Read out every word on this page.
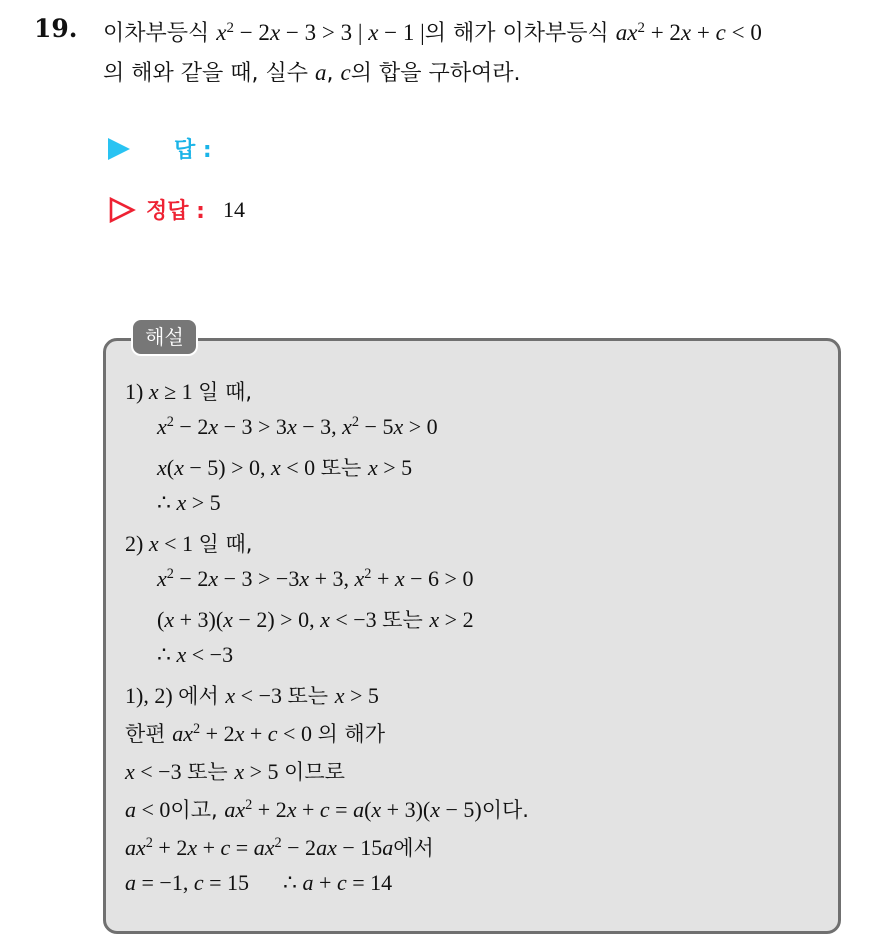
19. 이차부등식 $x^2 - 2x - 3 > 3$ | x − 1 |의 해가 이차부등식 $ax^2 + 2x + c < 0$
의 해와 같을 때, 실수 a, c의 합을 구하여라.
답 :
정답 : 14
해설
1) x ≥ 1 일 때,
$x^2 - 2x - 3 > 3x - 3$, $x^2 - 5x > 0$
x(x − 5) > 0, x < 0 또는 x > 5
∴ x > 5
2) x < 1 일 때,
$x^2 - 2x - 3 > -3x + 3$, $x^2 + x - 6 > 0$
(x + 3)(x − 2) > 0, x < −3 또는 x > 2
∴ x < −3
1), 2) 에서 x < −3 또는 x > 5
한편 $ax^2 + 2x + c < 0$ 의 해가
x < −3 또는 x > 5 이므로
a < 0이고, $ax^2 + 2x + c = a(x + 3)(x - 5)$이다.
$ax^2 + 2x + c = ax^2 - 2ax - 15a$에서
a = −1, c = 15 ∴ a + c = 14
